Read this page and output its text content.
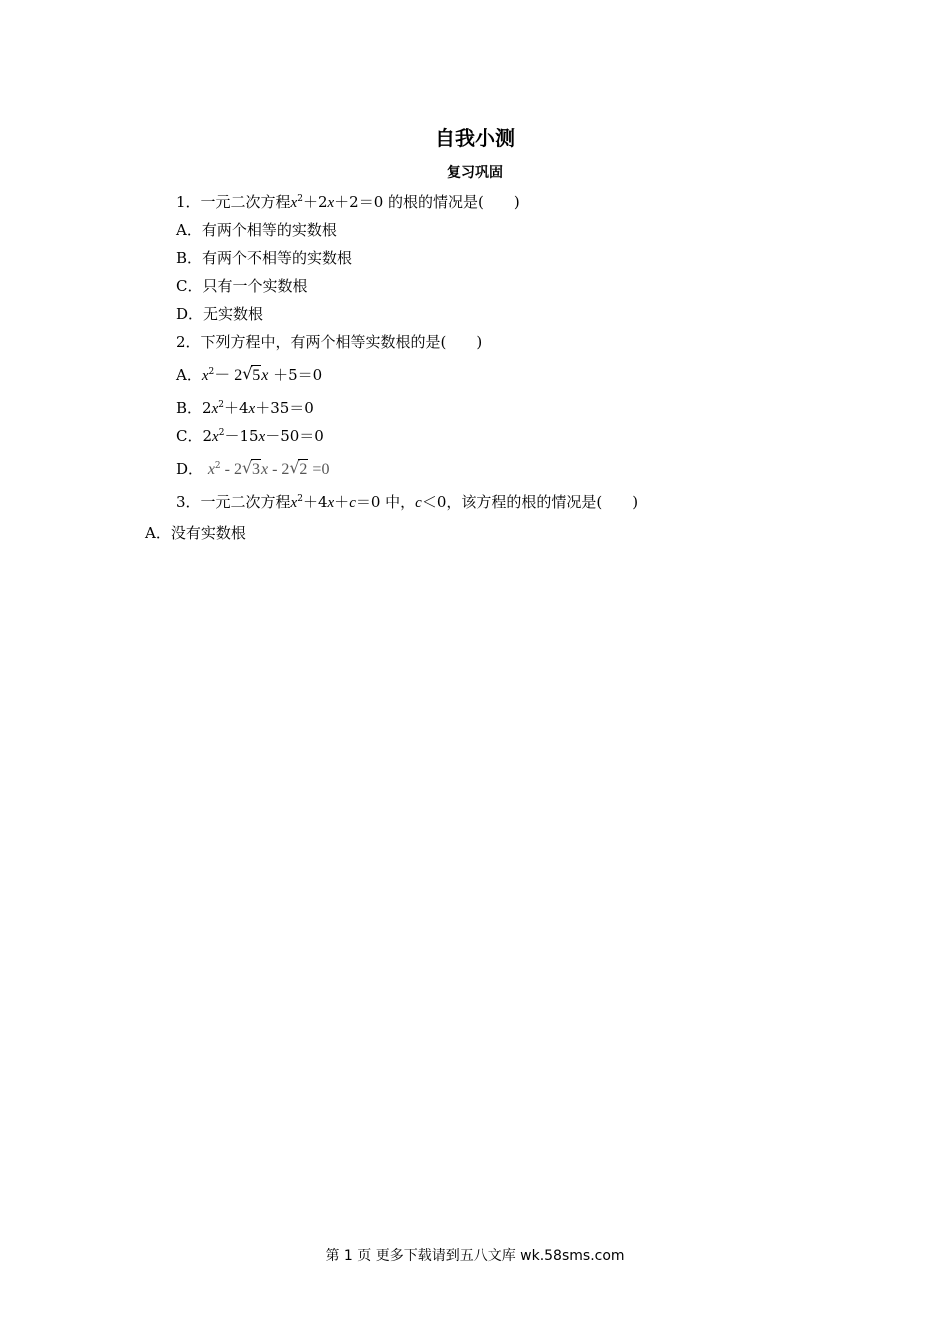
自我小测
复习巩固
1．一元二次方程$x^2+2x+2=0$ 的根的情况是(　　)
A．有两个相等的实数根
B．有两个不相等的实数根
C．只有一个实数根
D．无实数根
2．下列方程中，有两个相等实数根的是(　　)
A．$x^2- 2$ √ 5x ＋5＝0
B．$2x^2+4x+35=0$
C．$2x^2-15x-50=0$
D． $x^2 - 2$ √ 3x - 2 √ 2 =0
3．一元二次方程$x^2+4x+c=0$ 中，c＜0，该方程的根的情况是(　　)
A．没有实数根
第 1 页 更多下载请到五八文库 wk.58sms.com
